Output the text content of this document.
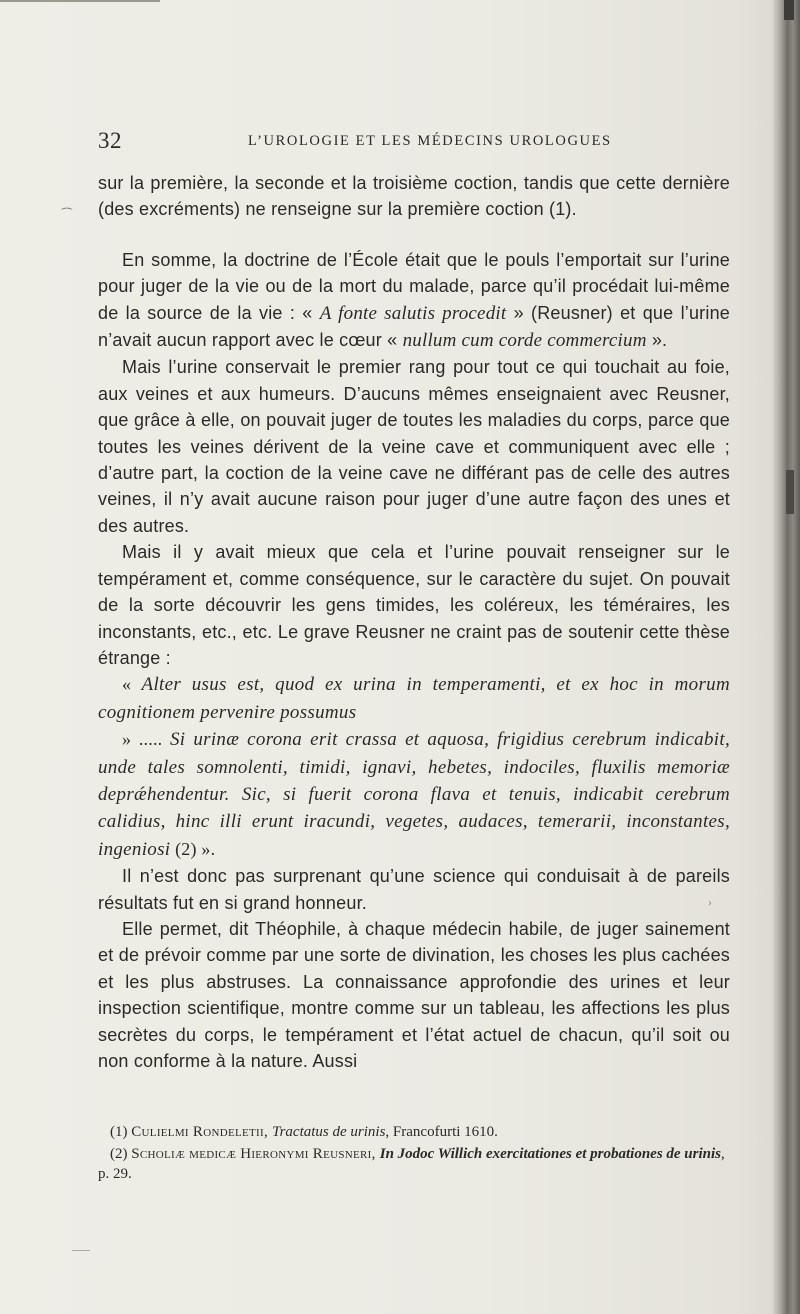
32	L’UROLOGIE ET LES MÉDECINS UROLOGUES
⁀

sur la première, la seconde et la troisième coction, tandis que cette dernière (des excréments) ne renseigne sur la première coction (1).

En somme, la doctrine de l’École était que le pouls l’emportait sur l’urine pour juger de la vie ou de la mort du malade, parce qu’il procédait lui-même de la source de la vie : « A fonte salutis procedit » (Reusner) et que l’urine n’avait aucun rapport avec le cœur « nullum cum corde commercium ».

Mais l’urine conservait le premier rang pour tout ce qui touchait au foie, aux veines et aux humeurs. D’aucuns mêmes enseignaient avec Reusner, que grâce à elle, on pouvait juger de toutes les maladies du corps, parce que toutes les veines dérivent de la veine cave et communiquent avec elle ; d’autre part, la coction de la veine cave ne différant pas de celle des autres veines, il n’y avait aucune raison pour juger d’une autre façon des unes et des autres.

Mais il y avait mieux que cela et l’urine pouvait renseigner sur le tempérament et, comme conséquence, sur le caractère du sujet. On pouvait de la sorte découvrir les gens timides, les coléreux, les téméraires, les inconstants, etc., etc. Le grave Reusner ne craint pas de soutenir cette thèse étrange :

« Alter usus est, quod ex urina in temperamenti, et ex hoc in morum cognitionem pervenire possumus

» ..... Si urinæ corona erit crassa et aquosa, frigidius cerebrum indicabit, unde tales somnolenti, timidi, ignavi, hebetes, indociles, fluxilis memoriæ deprǽhendentur. Sic, si fuerit corona flava et tenuis, indicabit cerebrum calidius, hinc illi erunt iracundi, vegetes, audaces, temerarii, inconstantes, ingeniosi (2) ».

Il n’est donc pas surprenant qu’une science qui conduisait à de pareils résultats fut en si grand honneur.

Elle permet, dit Théophile, à chaque médecin habile, de juger sainement et de prévoir comme par une sorte de divination, les choses les plus cachées et les plus abstruses. La connaissance approfondie des urines et leur inspection scientifique, montre comme sur un tableau, les affections les plus secrètes du corps, le tempérament et l’état actuel de chacun, qu’il soit ou non conforme à la nature. Aussi

›

(1) Culielmi Rondeletii, Tractatus de urinis, Francofurti 1610.

(2) Scholiæ medicæ Hieronymi Reusneri, In Jodoc Willich exercitationes et probationes de urinis, p. 29.
